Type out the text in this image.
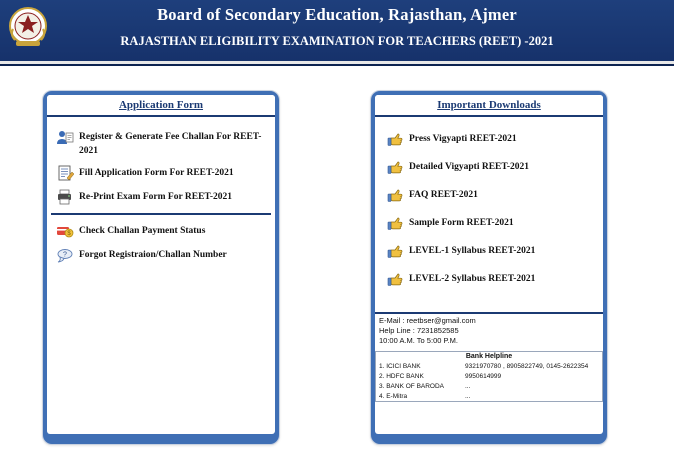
Board of Secondary Education, Rajasthan, Ajmer
RAJASTHAN ELIGIBILITY EXAMINATION FOR TEACHERS (REET) -2021
Application Form
Register & Generate Fee Challan For REET-2021
Fill Application Form For REET-2021
Re-Print Exam Form For REET-2021
$ Check Challan Payment Status
? Forgot Registraion/Challan Number
Important Downloads
Press Vigyapti REET-2021
Detailed Vigyapti REET-2021
FAQ REET-2021
Sample Form REET-2021
LEVEL-1 Syllabus REET-2021
LEVEL-2 Syllabus REET-2021
E-Mail : reetbser@gmail.com
Help Line : 7231852585
10:00 A.M. To 5:00 P.M.
Bank Helpline
1. ICICI BANK	9321970780 , 8905822749, 0145-2622354
2. HDFC BANK	9950614999
3. BANK OF BARODA	...
4. E-Mitra	...
